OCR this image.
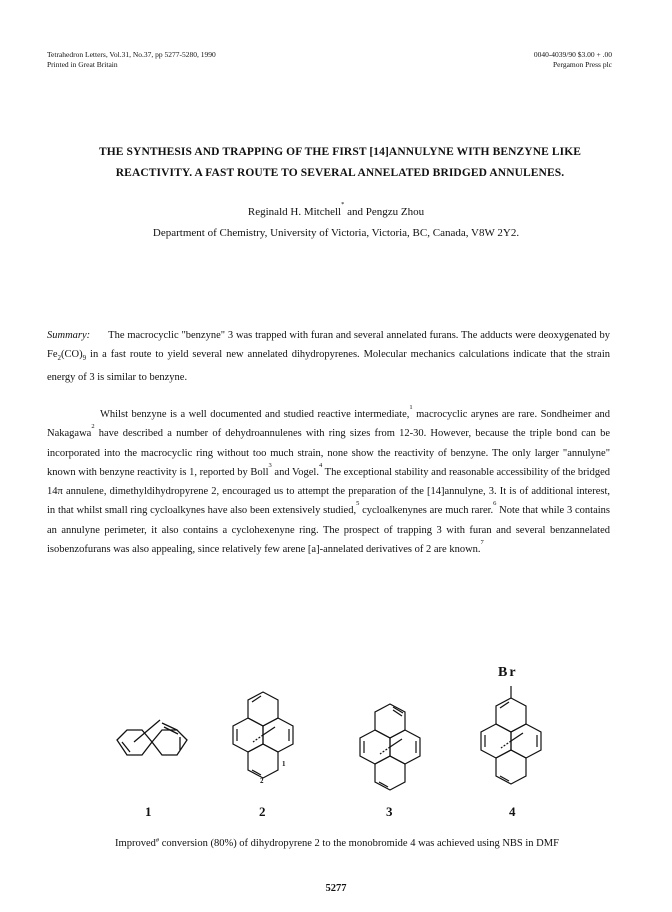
Tetrahedron Letters, Vol.31, No.37, pp 5277-5280, 1990
Printed in Great Britain
0040-4039/90 $3.00 + .00
Pergamon Press plc
THE SYNTHESIS AND TRAPPING OF THE FIRST [14]ANNULYNE WITH BENZYNE LIKE
REACTIVITY. A FAST ROUTE TO SEVERAL ANNELATED BRIDGED ANNULENES.
Reginald H. Mitchell* and Pengzu Zhou
Department of Chemistry, University of Victoria, Victoria, BC, Canada, V8W 2Y2.
Summary: The macrocyclic "benzyne" 3 was trapped with furan and several annelated furans. The adducts were deoxygenated by $Fe_2(CO)_9$ in a fast route to yield several new annelated dihydropyrenes. Molecular mechanics calculations indicate that the strain energy of 3 is similar to benzyne.

Whilst benzyne is a well documented and studied reactive intermediate,$^1$ macrocyclic arynes are rare. Sondheimer and Nakagawa$^2$ have described a number of dehydroannulenes with ring sizes from 12-30. However, because the triple bond can be incorporated into the macrocyclic ring without too much strain, none show the reactivity of benzyne. The only larger "annulyne" known with benzyne reactivity is 1, reported by Boll$^3$ and Vogel.$^4$ The exceptional stability and reasonable accessibility of the bridged 14π annulene, dimethyldihydropyrene 2, encouraged us to attempt the preparation of the [14]annulyne, 3. It is of additional interest, in that whilst small ring cycloalkynes have also been extensively studied,$^5$ cycloalkenynes are much rarer.$^6$ Note that while 3 contains an annulyne perimeter, it also contains a cyclohexenyne ring. The prospect of trapping 3 with furan and several benzannelated isobenzofurans was also appealing, since relatively few arene [a]-annelated derivatives of 2 are known.$^7$

1
2
1
2	3
Br
4
Improved# conversion (80%) of dihydropyrene 2 to the monobromide 4 was achieved using NBS in DMF
5277
